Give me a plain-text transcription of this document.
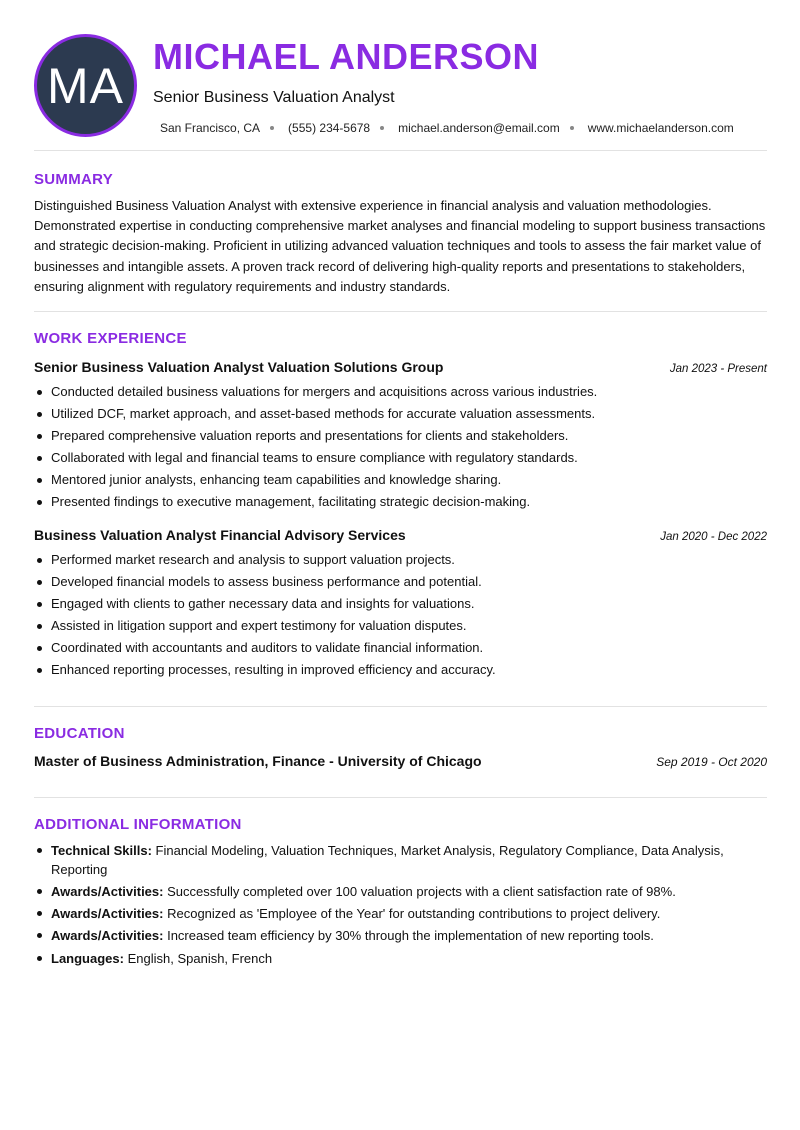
MA
MICHAEL ANDERSON
Senior Business Valuation Analyst
San Francisco, CA (555) 234-5678 michael.anderson@email.com www.michaelanderson.com
SUMMARY

Distinguished Business Valuation Analyst with extensive experience in financial analysis and valuation methodologies. Demonstrated expertise in conducting comprehensive market analyses and financial modeling to support business transactions and strategic decision-making. Proficient in utilizing advanced valuation techniques and tools to assess the fair market value of businesses and intangible assets. A proven track record of delivering high-quality reports and presentations to stakeholders, ensuring alignment with regulatory requirements and industry standards.

WORK EXPERIENCE
Senior Business Valuation Analyst Valuation Solutions Group	Jan 2023 - Present
Conducted detailed business valuations for mergers and acquisitions across various industries.
Utilized DCF, market approach, and asset-based methods for accurate valuation assessments.
Prepared comprehensive valuation reports and presentations for clients and stakeholders.
Collaborated with legal and financial teams to ensure compliance with regulatory standards.
Mentored junior analysts, enhancing team capabilities and knowledge sharing.
Presented findings to executive management, facilitating strategic decision-making.
Business Valuation Analyst Financial Advisory Services	Jan 2020 - Dec 2022
Performed market research and analysis to support valuation projects.
Developed financial models to assess business performance and potential.
Engaged with clients to gather necessary data and insights for valuations.
Assisted in litigation support and expert testimony for valuation disputes.
Coordinated with accountants and auditors to validate financial information.
Enhanced reporting processes, resulting in improved efficiency and accuracy.
EDUCATION
Master of Business Administration, Finance - University of Chicago	Sep 2019 - Oct 2020
ADDITIONAL INFORMATION
Technical Skills: Financial Modeling, Valuation Techniques, Market Analysis, Regulatory Compliance, Data Analysis, Reporting
Awards/Activities: Successfully completed over 100 valuation projects with a client satisfaction rate of 98%.
Awards/Activities: Recognized as 'Employee of the Year' for outstanding contributions to project delivery.
Awards/Activities: Increased team efficiency by 30% through the implementation of new reporting tools.
Languages: English, Spanish, French
